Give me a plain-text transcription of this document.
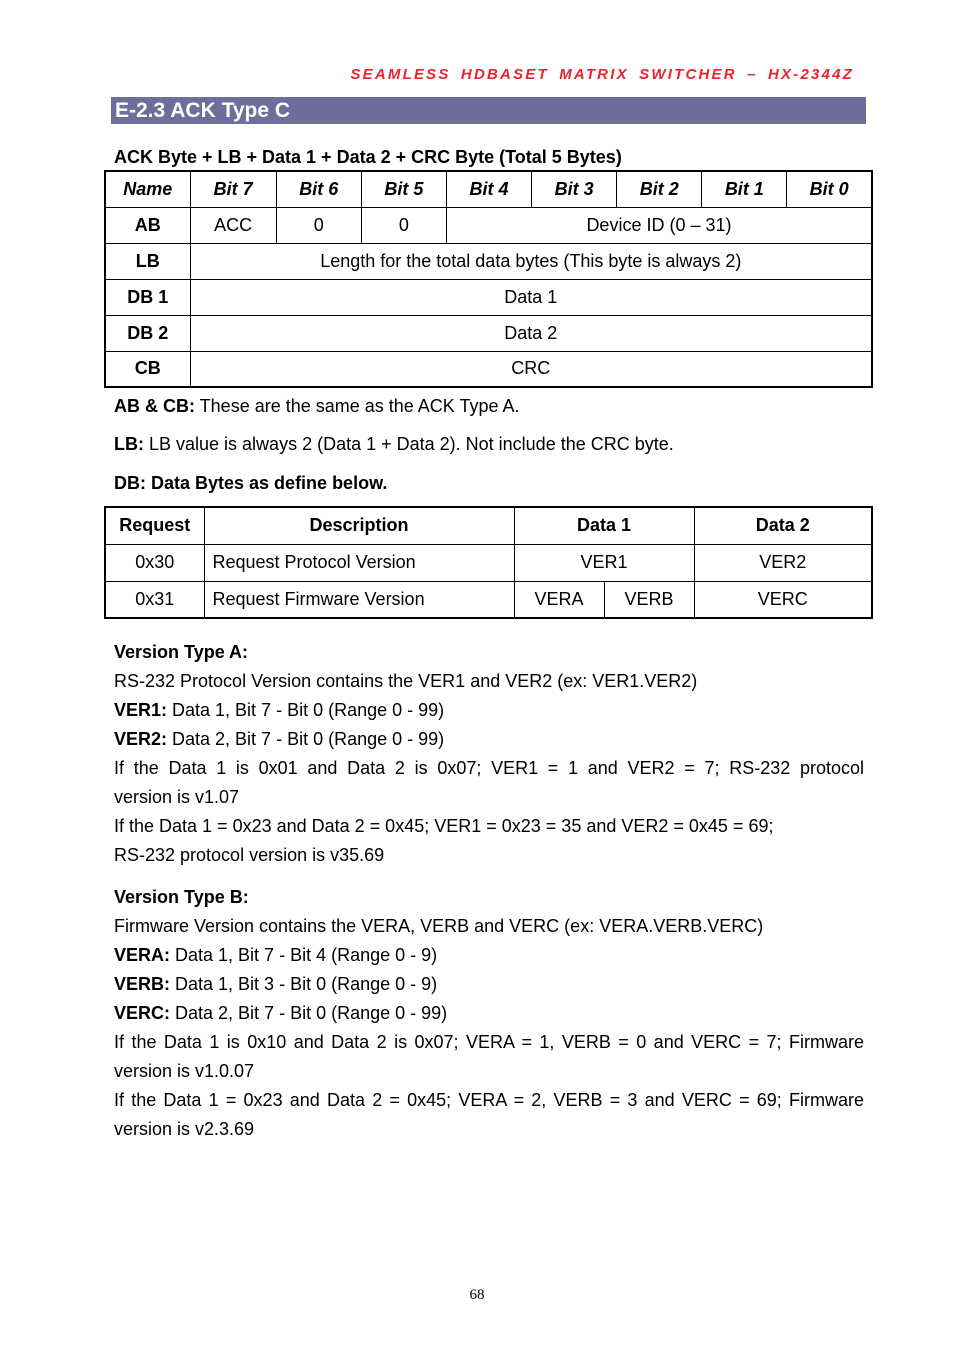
SEAMLESS HDBASET MATRIX SWITCHER – HX-2344Z
E-2.3 ACK Type C
ACK Byte + LB + Data 1 + Data 2 + CRC Byte (Total 5 Bytes)
Name	Bit 7	Bit 6	Bit 5	Bit 4	Bit 3	Bit 2	Bit 1	Bit 0
AB	ACC	0	0	Device ID (0 – 31)				
LB	Length for the total data bytes (This byte is always 2)							
DB 1	Data 1							
DB 2	Data 2							
CB	CRC							
AB & CB: These are the same as the ACK Type A.
LB: LB value is always 2 (Data 1 + Data 2). Not include the CRC byte.
DB: Data Bytes as define below.
Request	Description	Data 1		Data 2
0x30	Request Protocol Version	VER1		VER2
0x31	Request Firmware Version	VERA	VERB	VERC
Version Type A:
RS-232 Protocol Version contains the VER1 and VER2 (ex: VER1.VER2)
VER1: Data 1, Bit 7 - Bit 0 (Range 0 - 99)
VER2: Data 2, Bit 7 - Bit 0 (Range 0 - 99)
If the Data 1 is 0x01 and Data 2 is 0x07; VER1 = 1 and VER2 = 7; RS-232 protocol
version is v1.07
If the Data 1 = 0x23 and Data 2 = 0x45; VER1 = 0x23 = 35 and VER2 = 0x45 = 69;
RS-232 protocol version is v35.69
Version Type B:
Firmware Version contains the VERA, VERB and VERC (ex: VERA.VERB.VERC)
VERA: Data 1, Bit 7 - Bit 4 (Range 0 - 9)
VERB: Data 1, Bit 3 - Bit 0 (Range 0 - 9)
VERC: Data 2, Bit 7 - Bit 0 (Range 0 - 99)
If the Data 1 is 0x10 and Data 2 is 0x07; VERA = 1, VERB = 0 and VERC = 7; Firmware
version is v1.0.07
If the Data 1 = 0x23 and Data 2 = 0x45; VERA = 2, VERB = 3 and VERC = 69; Firmware
version is v2.3.69
68
